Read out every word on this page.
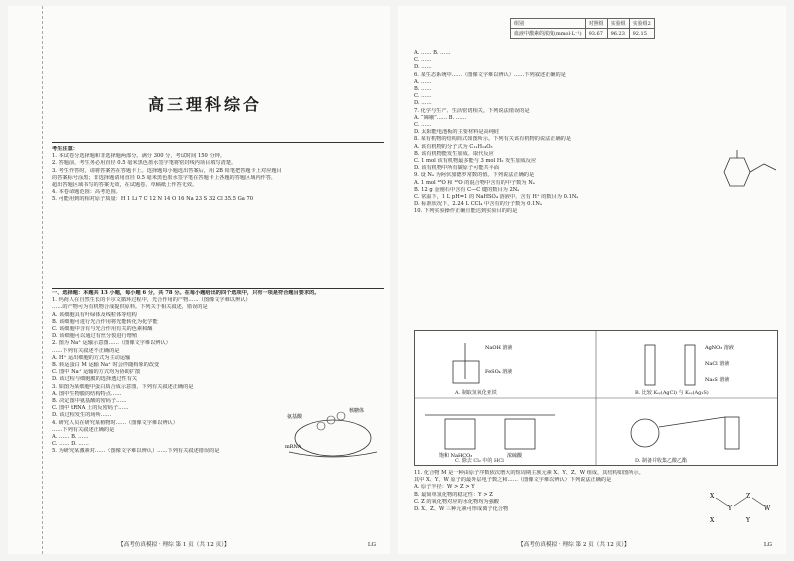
高三理科综合
考生注意：
1. 本试卷分选择题和非选择题两部分。满分 300 分，考试时间 150 分钟。
2. 答题前，考生务必用直径 0.5 毫米黑色墨水签字笔将密封线内项目填写清楚。
3. 考生作答时，请将答案答在答题卡上。选择题每小题选出答案后，用 2B 铅笔把答题卡上对应题目
的答案标号涂黑；非选择题请用直径 0.5 毫米黑色墨水签字笔在答题卡上各题的答题区域内作答，
超出答题区域书写的答案无效，在试题卷、草稿纸上作答无效。
4. 本卷命题范围：高考范围。
5. 可能用到的相对原子质量：H 1 Li 7 C 12 N 14 O 16 Na 23 S 32 Cl 35.5 Ga 70
一、选择题：本题共 13 小题，每小题 6 分，共 78 分。在每小题给出的四个选项中，只有一项是符合题目要求的。
1. 钙荷人在自然生长的卡尔文循环过程中，光合作用的产物……（图像文字难以辨认）
……的产物可为有机物合成提供原料。下列关于相关叙述，错误的是
A. 该细胞具有叶绿体及线粒体等结构
B. 该细胞可进行光合作用将光能转化为化学能
C. 该细胞中含有与光合作用有关的色素和酶
D. 该细胞可以通过有丝分裂进行增殖
2. 图为 Na⁺ 运输示意图……（图像文字难以辨认）
……下列有关叙述不正确的是
A. H⁺ 运出细胞的方式为主动运输
B. 转运蛋白 M 运输 Na⁺ 时会伴随构象的改变
C. 图中 Na⁺ 运输的方式均为协助扩散
D. 该过程与细胞膜的选择透过性有关
3. 如图为某细胞中蛋白质合成示意图，下列有关叙述正确的是
A. 图中生物膜的结构特点……
B. 决定图中氨基酸的密码子……
C. 图中 tRNA 上的反密码子……
D. 该过程发生的场所……
4. 研究人员在研究某植物时……（图像文字难以辨认）
……下列有关叙述正确的是
A. …… B. ……
C. …… D. ……
5. 为研究某激素对……（图像文字难以辨认）……下列有关叙述错误的是
核糖体
mRNA
氨基酸
【高考仿真模拟 · 理综 第 1 页（共 12 页）】	LG
组别	对照组	实验组	实验组2
血液中激素的浓度(mmol·L⁻¹)	93.67	96.23	92.15
A. …… B. ……
C. ……
D. ……
6. 某生态系统中……（图像文字难以辨认）……下列叙述正确的是
A. ……
B. ……
C. ……
D. ……
7. 化学与生产、生活密切相关。下列说法错误的是
A. “嫦娥”…… B. ……
C. ……
D. 太阳能电池板的主要材料是高纯硅
8. 某有机物的结构简式如图所示。下列有关该有机物的说法正确的是
A. 该有机物的分子式为 C₁₁H₁₄O₃
B. 该有机物能发生加成、取代反应
C. 1 mol 该有机物最多能与 3 mol H₂ 发生加成反应
D. 该有机物中所有碳原子可能共平面
9. 设 Nₐ 为阿伏加德罗常数的值。下列说法正确的是
A. 1 mol ¹⁸O 和 ¹⁶O 的混合物中含有的中子数为 Nₐ
B. 12 g 金刚石中含有 C—C 键的数目为 2Nₐ
C. 常温下，1 L pH=1 的 NaHSO₄ 溶液中，含有 H⁺ 的数目为 0.1Nₐ
D. 标准状况下，2.24 L CCl₄ 中含有的分子数为 0.1Nₐ
10. 下列实验操作正确且能达到实验目的的是
NaOH 溶液
FeSO₄ 溶液
AgNO₃ 溶液
NaCl 溶液
Na₂S 溶液
饱和 NaHCO₃	浓硫酸
A. 制取氢氧化亚铁	B. 比较 Kₛₚ(AgCl) 与 Kₛₚ(Ag₂S)
C. 除去 Cl₂ 中的 HCl	D. 制备并收集乙酸乙酯
11. 化合物 M 是一种由原子序数依次增大的短周期主族元素 X、Y、Z、W 组成，其结构如图所示。
其中 X、Y、W 原子的最外层电子数之和……（图像文字难以辨认）下列说法正确的是
A. 原子半径：W > Z > Y
B. 最简单氢化物的稳定性：Y > Z
C. Z 的氧化物对应的水化物均为强酸
D. X、Z、W 三种元素可形成离子化合物
X
Y
Z
W
X	Y
【高考仿真模拟 · 理综 第 2 页（共 12 页）】	LG
